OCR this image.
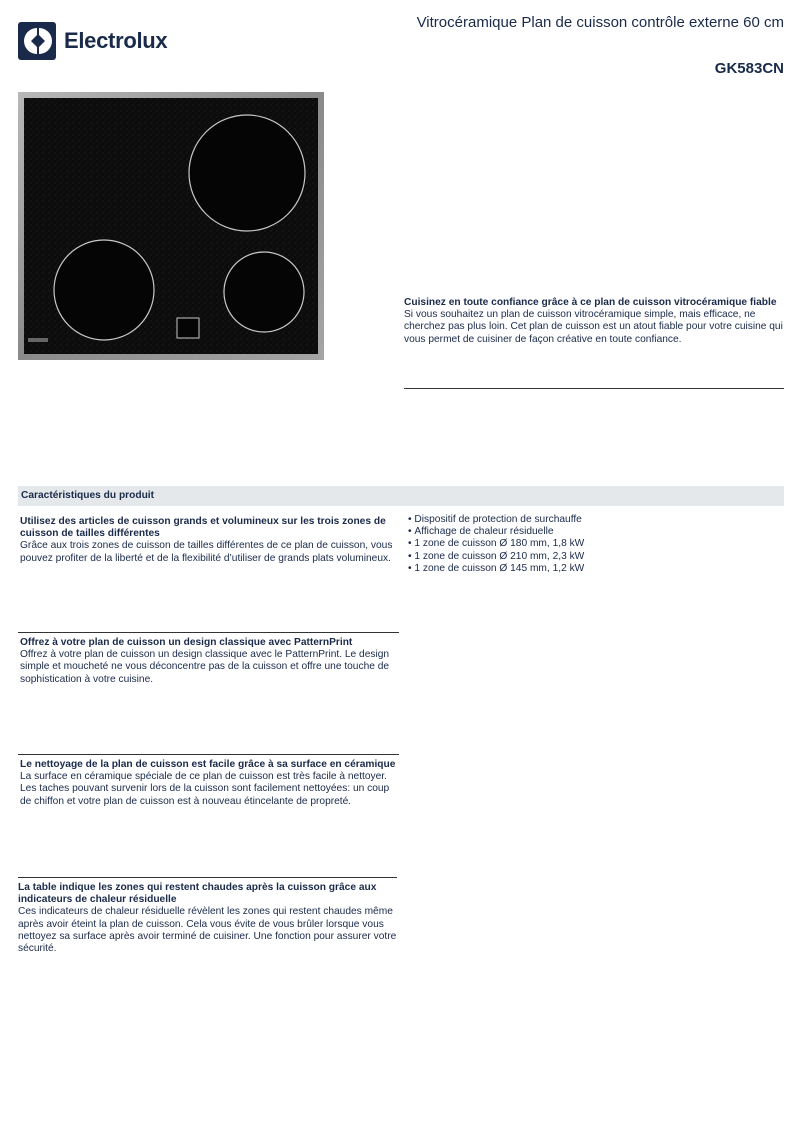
Electrolux
Vitrocéramique Plan de cuisson contrôle externe 60 cm
GK583CN
Cuisinez en toute confiance grâce à ce plan de cuisson vitrocéramique fiable
Si vous souhaitez un plan de cuisson vitrocéramique simple, mais efficace, ne cherchez pas plus loin. Cet plan de cuisson est un atout fiable pour votre cuisine qui vous permet de cuisiner de façon créative en toute confiance.
Caractéristiques du produit
Utilisez des articles de cuisson grands et volumineux sur les trois zones de cuisson de tailles différentes
Grâce aux trois zones de cuisson de tailles différentes de ce plan de cuisson, vous pouvez profiter de la liberté et de la flexibilité d’utiliser de grands plats volumineux.
Offrez à votre plan de cuisson un design classique avec PatternPrint
Offrez à votre plan de cuisson un design classique avec le PatternPrint. Le design simple et moucheté ne vous déconcentre pas de la cuisson et offre une touche de sophistication à votre cuisine.
Le nettoyage de la plan de cuisson est facile grâce à sa surface en céramique
La surface en céramique spéciale de ce plan de cuisson est très facile à nettoyer. Les taches pouvant survenir lors de la cuisson sont facilement nettoyées: un coup de chiffon et votre plan de cuisson est à nouveau étincelante de propreté.
La table indique les zones qui restent chaudes après la cuisson grâce aux indicateurs de chaleur résiduelle
Ces indicateurs de chaleur résiduelle révèlent les zones qui restent chaudes même après avoir éteint la plan de cuisson. Cela vous évite de vous brûler lorsque vous nettoyez sa surface après avoir terminé de cuisiner. Une fonction pour assurer votre sécurité.
• Dispositif de protection de surchauffe
• Affichage de chaleur résiduelle
• 1 zone de cuisson Ø 180 mm, 1,8 kW
• 1 zone de cuisson Ø 210 mm, 2,3 kW
• 1 zone de cuisson Ø 145 mm, 1,2 kW
